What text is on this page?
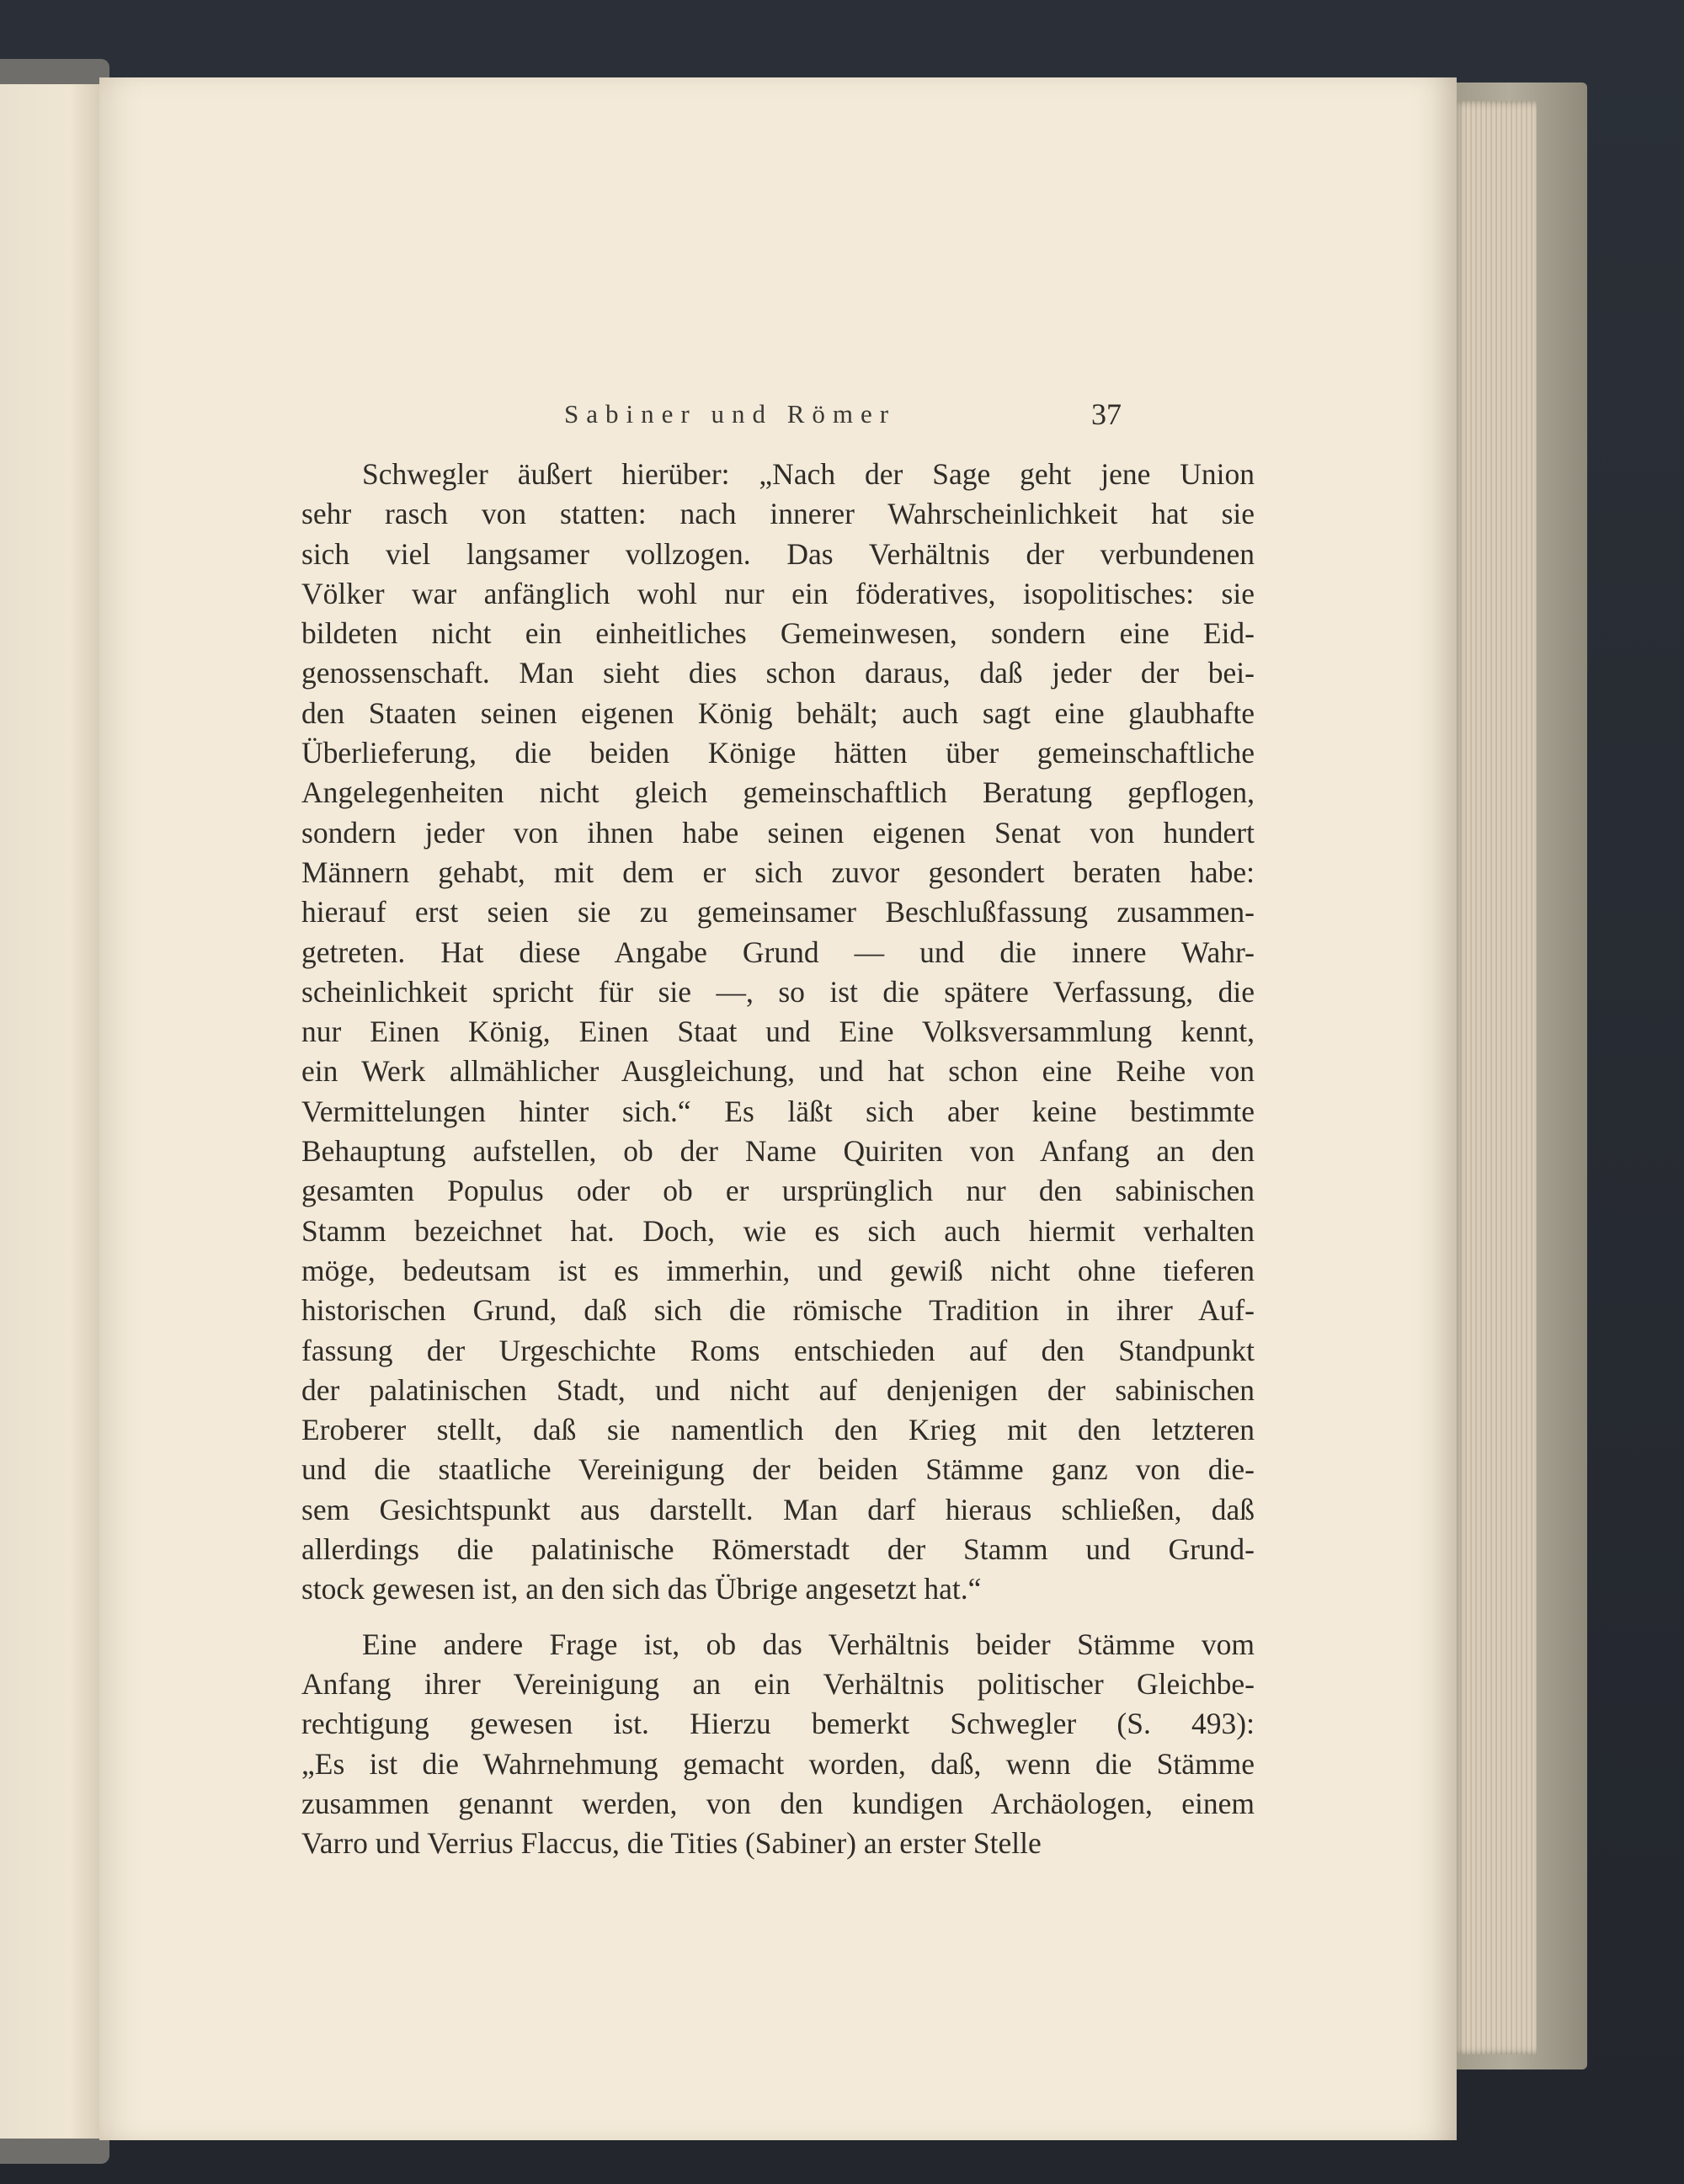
Sabiner und Römer	37

Schwegler äußert hierüber: „Nach der Sage geht jene Union
sehr rasch von statten: nach innerer Wahrscheinlichkeit hat sie
sich viel langsamer vollzogen. Das Verhältnis der verbundenen
Völker war anfänglich wohl nur ein föderatives, isopolitisches: sie
bildeten nicht ein einheitliches Gemeinwesen, sondern eine Eid-
genossenschaft. Man sieht dies schon daraus, daß jeder der bei-
den Staaten seinen eigenen König behält; auch sagt eine glaubhafte
Überlieferung, die beiden Könige hätten über gemeinschaftliche
Angelegenheiten nicht gleich gemeinschaftlich Beratung gepflogen,
sondern jeder von ihnen habe seinen eigenen Senat von hundert
Männern gehabt, mit dem er sich zuvor gesondert beraten habe:
hierauf erst seien sie zu gemeinsamer Beschlußfassung zusammen-
getreten. Hat diese Angabe Grund — und die innere Wahr-
scheinlichkeit spricht für sie —, so ist die spätere Verfassung, die
nur Einen König, Einen Staat und Eine Volksversammlung kennt,
ein Werk allmählicher Ausgleichung, und hat schon eine Reihe von
Vermittelungen hinter sich.“ Es läßt sich aber keine bestimmte
Behauptung aufstellen, ob der Name Quiriten von Anfang an den
gesamten Populus oder ob er ursprünglich nur den sabinischen
Stamm bezeichnet hat. Doch, wie es sich auch hiermit verhalten
möge, bedeutsam ist es immerhin, und gewiß nicht ohne tieferen
historischen Grund, daß sich die römische Tradition in ihrer Auf-
fassung der Urgeschichte Roms entschieden auf den Standpunkt
der palatinischen Stadt, und nicht auf denjenigen der sabinischen
Eroberer stellt, daß sie namentlich den Krieg mit den letzteren
und die staatliche Vereinigung der beiden Stämme ganz von die-
sem Gesichtspunkt aus darstellt. Man darf hieraus schließen, daß
allerdings die palatinische Römerstadt der Stamm und Grund-
stock gewesen ist, an den sich das Übrige angesetzt hat.“

Eine andere Frage ist, ob das Verhältnis beider Stämme vom
Anfang ihrer Vereinigung an ein Verhältnis politischer Gleichbe-
rechtigung gewesen ist. Hierzu bemerkt Schwegler (S. 493):
„Es ist die Wahrnehmung gemacht worden, daß, wenn die Stämme
zusammen genannt werden, von den kundigen Archäologen, einem
Varro und Verrius Flaccus, die Tities (Sabiner) an erster Stelle
